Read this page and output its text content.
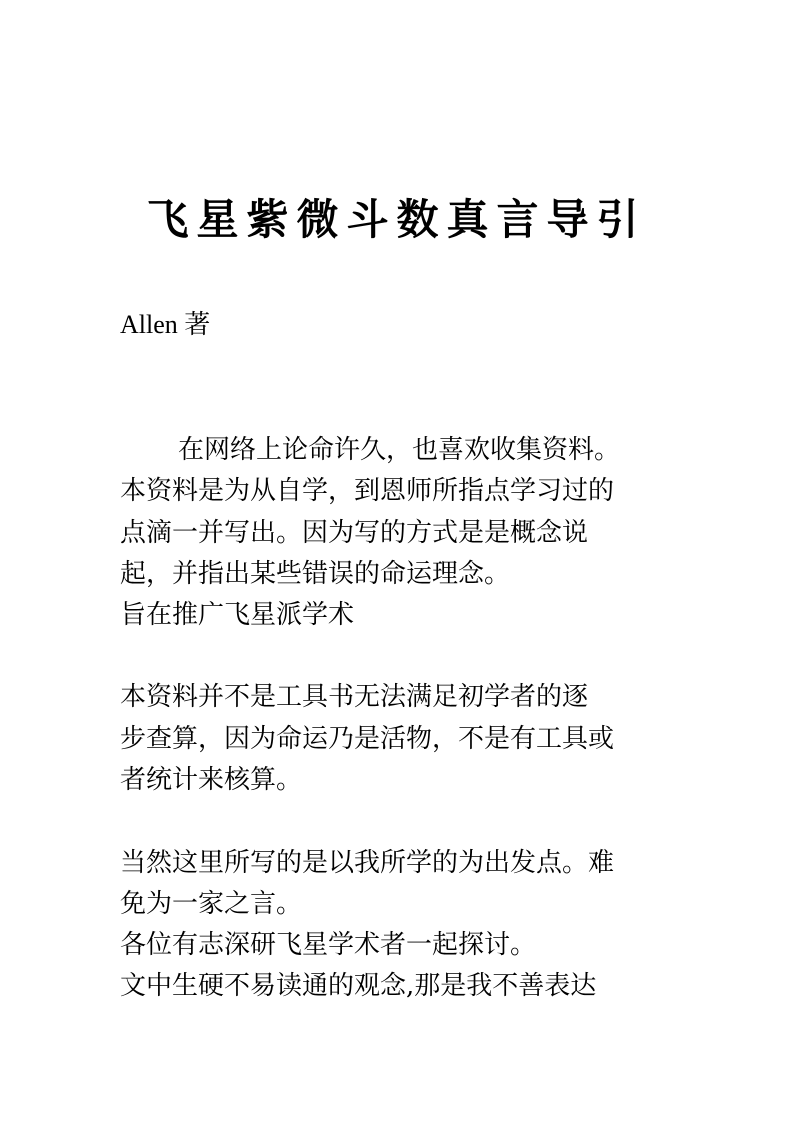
飞星紫微斗数真言导引
Allen 著
在网络上论命许久，也喜欢收集资料。
本资料是为从自学，到恩师所指点学习过的
点滴一并写出。因为写的方式是是概念说
起，并指出某些错误的命运理念。
旨在推广飞星派学术
本资料并不是工具书无法满足初学者的逐
步查算，因为命运乃是活物，不是有工具或
者统计来核算。
当然这里所写的是以我所学的为出发点。难
免为一家之言。
各位有志深研飞星学术者一起探讨。
文中生硬不易读通的观念,那是我不善表达
